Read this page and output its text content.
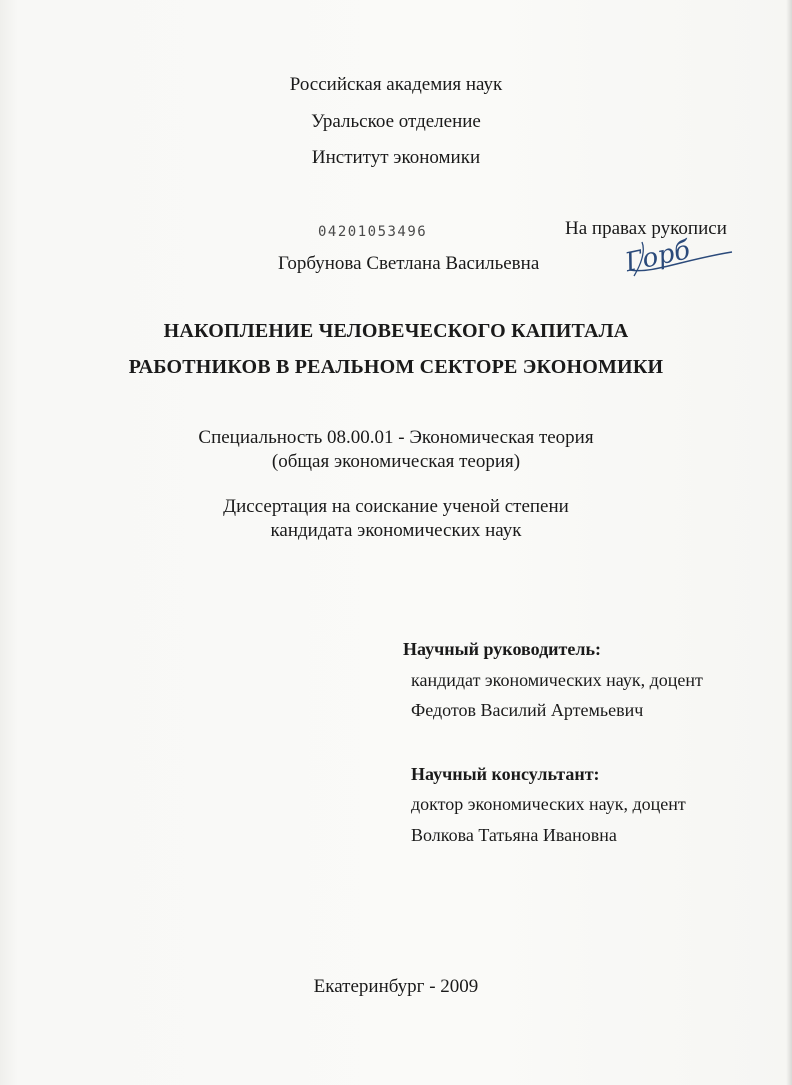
Российская академия наук
Уральское отделение
Институт экономики
04201053496	На правах рукописи
Горбунова Светлана Васильевна	Горб
НАКОПЛЕНИЕ ЧЕЛОВЕЧЕСКОГО КАПИТАЛА
РАБОТНИКОВ В РЕАЛЬНОМ СЕКТОРЕ ЭКОНОМИКИ
Специальность 08.00.01 - Экономическая теория
(общая экономическая теория)
Диссертация на соискание ученой степени
кандидата экономических наук
Научный руководитель:
кандидат экономических наук, доцент
Федотов Василий Артемьевич
Научный консультант:
доктор экономических наук, доцент
Волкова Татьяна Ивановна
Екатеринбург - 2009
